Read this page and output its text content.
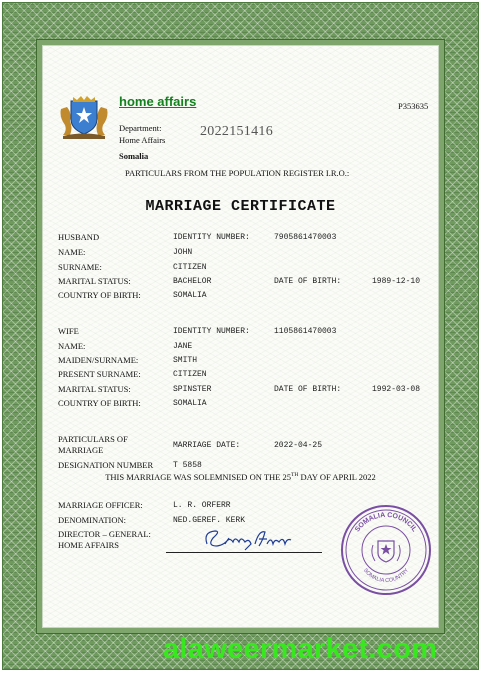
home affairs	P353635
Department:
Home Affairs
2022151416
Somalia
PARTICULARS FROM THE POPULATION REGISTER I.R.O.:
MARRIAGE CERTIFICATE
HUSBAND	IDENTITY NUMBER:	7905861470003
NAME:	JOHN
SURNAME:	CITIZEN
MARITAL STATUS:	BACHELOR	DATE OF BIRTH:	1989-12-10
COUNTRY OF BIRTH:	SOMALIA
WIFE	IDENTITY NUMBER:	1105861470003
NAME:	JANE
MAIDEN/SURNAME:	SMITH
PRESENT SURNAME:	CITIZEN
MARITAL STATUS:	SPINSTER	DATE OF BIRTH:	1992-03-08
COUNTRY OF BIRTH:	SOMALIA
PARTICULARS OF
MARRIAGE	MARRIAGE DATE:	2022-04-25
DESIGNATION NUMBER T 5858
THIS MARRIAGE WAS SOLEMNISED ON THE 25TH DAY OF APRIL 2022
MARRIAGE OFFICER:	L. R. ORFERR
DENOMINATION:	NED.GEREF. KERK
DIRECTOR – GENERAL:
HOME AFFAIRS
SOMALIA COUNCIL
SOMALIA COUNTRY
alaweermarket.com
